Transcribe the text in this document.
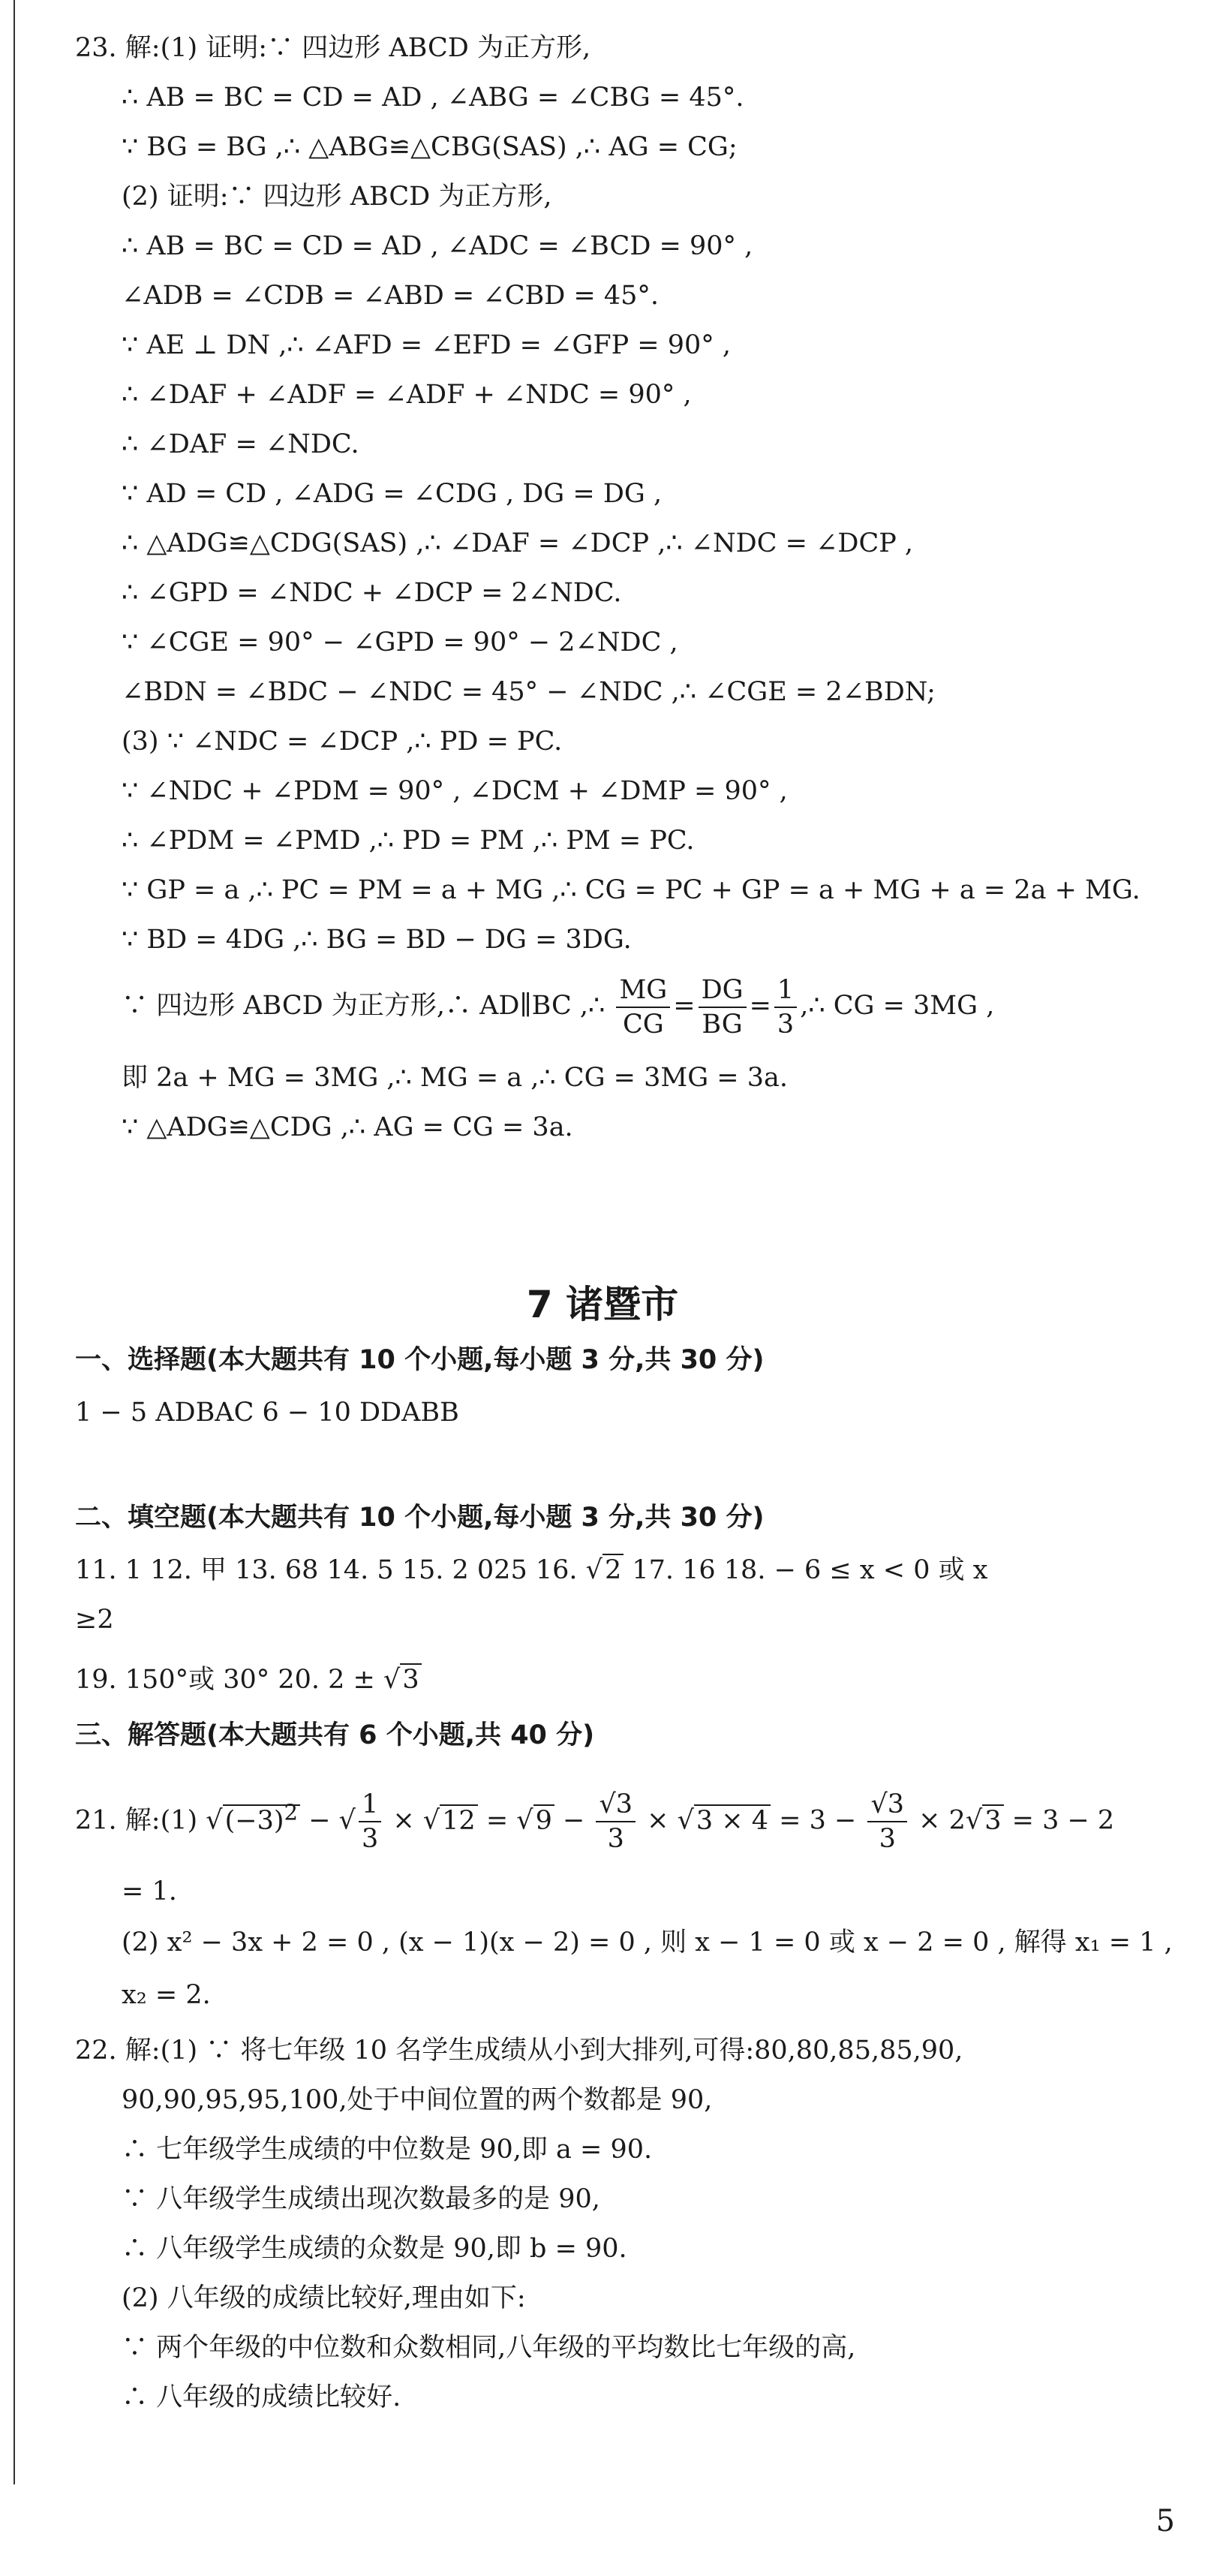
23. 解:(1) 证明:∵ 四边形 ABCD 为正方形,
∴ AB = BC = CD = AD , ∠ABG = ∠CBG = 45°.
∵ BG = BG ,∴ △ABG≌△CBG(SAS) ,∴ AG = CG;
(2) 证明:∵ 四边形 ABCD 为正方形,
∴ AB = BC = CD = AD , ∠ADC = ∠BCD = 90° ,
∠ADB = ∠CDB = ∠ABD = ∠CBD = 45°.
∵ AE ⊥ DN ,∴ ∠AFD = ∠EFD = ∠GFP = 90° ,
∴ ∠DAF + ∠ADF = ∠ADF + ∠NDC = 90° ,
∴ ∠DAF = ∠NDC.
∵ AD = CD , ∠ADG = ∠CDG , DG = DG ,
∴ △ADG≌△CDG(SAS) ,∴ ∠DAF = ∠DCP ,∴ ∠NDC = ∠DCP ,
∴ ∠GPD = ∠NDC + ∠DCP = 2∠NDC.
∵ ∠CGE = 90° − ∠GPD = 90° − 2∠NDC ,
∠BDN = ∠BDC − ∠NDC = 45° − ∠NDC ,∴ ∠CGE = 2∠BDN;
(3) ∵ ∠NDC = ∠DCP ,∴ PD = PC.
∵ ∠NDC + ∠PDM = 90° , ∠DCM + ∠DMP = 90° ,
∴ ∠PDM = ∠PMD ,∴ PD = PM ,∴ PM = PC.
∵ GP = a ,∴ PC = PM = a + MG ,∴ CG = PC + GP = a + MG + a = 2a + MG.
∵ BD = 4DG ,∴ BG = BD − DG = 3DG.
∵ 四边形 ABCD 为正方形,∴ AD∥BC ,∴ $\frac{MG}{CG} = \frac{DG}{BG} = \frac{1}{3}$ ,∴ CG = 3MG ,
即 2a + MG = 3MG ,∴ MG = a ,∴ CG = 3MG = 3a.
∵ △ADG≌△CDG ,∴ AG = CG = 3a.
7 诸暨市
一、选择题(本大题共有 10 个小题,每小题 3 分,共 30 分)
1 − 5 ADBAC 6 − 10 DDABB
二、填空题(本大题共有 10 个小题,每小题 3 分,共 30 分)
11. 1 12. 甲 13. 68 14. 5 15. 2 025 16. √2 17. 16 18. − 6 ≤ x < 0 或 x
≥2
19. 150°或 30° 20. 2 ± √3
三、解答题(本大题共有 6 个小题,共 40 分)
21. 解:(1) $√(-3)^2$ − √ $\frac{1}{3} \times √12 = √9 - \frac{√3}{3} \times √3 \times 4 = 3 - \frac{√3}{3} \times 2√3 = 3 - 2$
= 1.
(2) x² − 3x + 2 = 0 , (x − 1)(x − 2) = 0 , 则 x − 1 = 0 或 x − 2 = 0 , 解得 x₁ = 1 ,
x₂ = 2.
22. 解:(1) ∵ 将七年级 10 名学生成绩从小到大排列,可得:80,80,85,85,90,
90,90,95,95,100,处于中间位置的两个数都是 90,
∴ 七年级学生成绩的中位数是 90,即 a = 90.
∵ 八年级学生成绩出现次数最多的是 90,
∴ 八年级学生成绩的众数是 90,即 b = 90.
(2) 八年级的成绩比较好,理由如下:
∵ 两个年级的中位数和众数相同,八年级的平均数比七年级的高,
∴ 八年级的成绩比较好.
5
